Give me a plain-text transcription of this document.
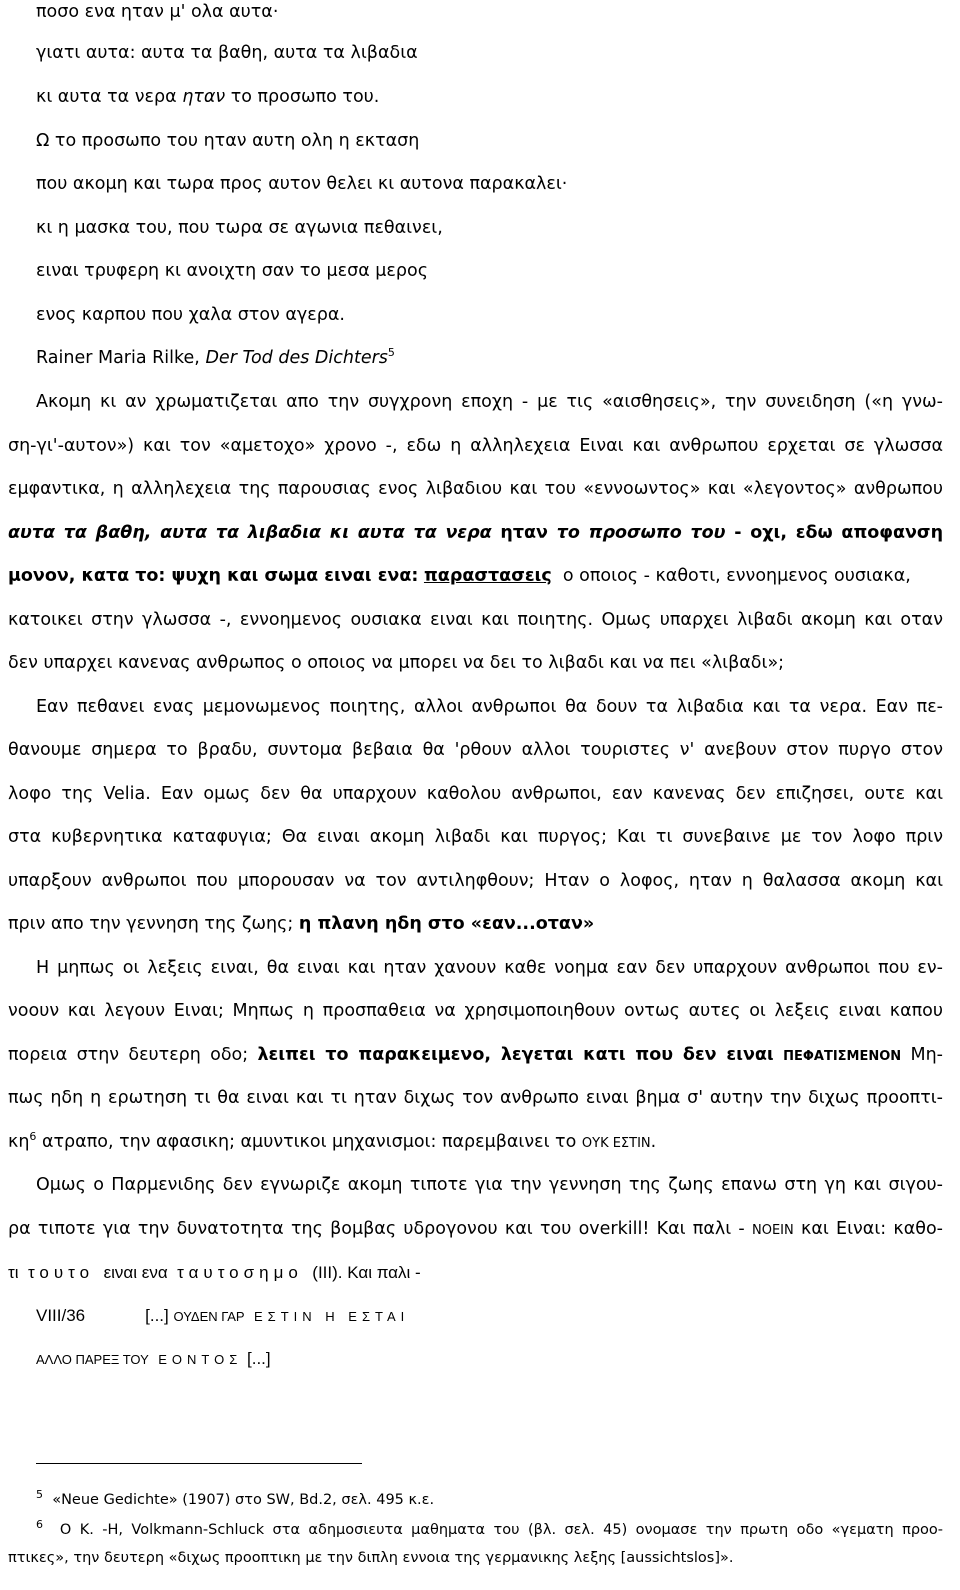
ποσο ενα ηταν μ' ολα αυτα·
γιατι αυτα: αυτα τα βαθη, αυτα τα λιβαδια
κι αυτα τα νερα ηταν το προσωπο του.
Ω το προσωπο του ηταν αυτη ολη η εκταση
που ακομη και τωρα προς αυτον θελει κι αυτονα παρακαλει·
κι η μασκα του, που τωρα σε αγωνια πεθαινει,
ειναι τρυφερη κι ανοιχτη σαν το μεσα μερος
ενος καρπου που χαλα στον αγερα.
Rainer Maria Rilke, Der Tod des Dichters$^5$
Ακομη κι αν χρωματιζεται απο την συγχρονη εποχη - με τις «αισθησεις», την συνειδηση («η γνω-
ση-γι'-αυτον») και τον «αμετοχο» χρονο -, εδω η αλληλεχεια Ειναι και ανθρωπου ερχεται σε γλωσσα
εμφαντικα, η αλληλεχεια της παρουσιας ενος λιβαδιου και του «εννοωντος» και «λεγοντος» ανθρωπου
αυτα τα βαθη, αυτα τα λιβαδια κι αυτα τα νερα ηταν το προσωπο του - οχι, εδω αποφανση
μονον, κατα το: ψυχη και σωμα ειναι ενα: παραστασεις ο οποιος - καθοτι, εννοημενος ουσιακα,
κατοικει στην γλωσσα -, εννοημενος ουσιακα ειναι και ποιητης. Ομως υπαρχει λιβαδι ακομη και οταν
δεν υπαρχει κανενας ανθρωπος ο οποιος να μπορει να δει το λιβαδι και να πει «λιβαδι»;
Εαν πεθανει ενας μεμονωμενος ποιητης, αλλοι ανθρωποι θα δουν τα λιβαδια και τα νερα. Εαν πε-
θανουμε σημερα το βραδυ, συντομα βεβαια θα 'ρθουν αλλοι τουριστες ν' ανεβουν στον πυργο στον
λοφο της Velia. Εαν ομως δεν θα υπαρχουν καθολου ανθρωποι, εαν κανενας δεν επιζησει, ουτε και
στα κυβερνητικα καταφυγια; Θα ειναι ακομη λιβαδι και πυργος; Και τι συνεβαινε με τον λοφο πριν
υπαρξουν ανθρωποι που μπορουσαν να τον αντιληφθουν; Ηταν ο λοφος, ηταν η θαλασσα ακομη και
πριν απο την γεννηση της ζωης; η πλανη ηδη στο «εαν...οταν»
Η μηπως οι λεξεις ειναι, θα ειναι και ηταν χανουν καθε νοημα εαν δεν υπαρχουν ανθρωποι που εν-
νοουν και λεγουν Ειναι; Μηπως η προσπαθεια να χρησιμοποιηθουν οντως αυτες οι λεξεις ειναι καπου
πορεια στην δευτερη οδο; λειπει το παρακειμενο, λεγεται κατι που δεν ειναι ΠΕΦΑΤΙΣΜΕΝΟΝ Μη-
πως ηδη η ερωτηση τι θα ειναι και τι ηταν διχως τον ανθρωπο ειναι βημα σ' αυτην την διχως προοπτι-
$\kappa\eta^6$ ατραπο, την αφασικη; αμυντικοι μηχανισμοι: παρεμβαινει το ΟΥΚ ΕΣΤΙΝ.
Ομως ο Παρμενιδης δεν εγνωριζε ακομη τιποτε για την γεννηση της ζωης επανω στη γη και σιγου-
ρα τιποτε για την δυνατοτητα της βομβας υδρογονου και του overkill! Και παλι - ΝΟΕΙΝ και Ειναι: καθο-
τι τουτο ειναι ενα ταυτοσημο (III). Και παλι -
VIII/36	[...] ΟΥΔΕΝ ΓΑΡ ΕΣΤΙΝ Η ΕΣΤΑΙ
ΑΛΛΟ ΠΑΡΕΞ ΤΟΥ ΕΟΝΤΟΣ [...]
$^5$ «Neue Gedichte» (1907) στο SW, Bd.2, σελ. 495 κ.ε.
$^6$ Ο Κ. -Η, Volkmann-Schluck στα αδημοσιευτα μαθηματα του (βλ. σελ. 45) ονομασε την πρωτη οδο «γεματη προο-
πτικες», την δευτερη «διχως προοπτικη με την διπλη εννοια της γερμανικης λεξης [aussichtslos]».
